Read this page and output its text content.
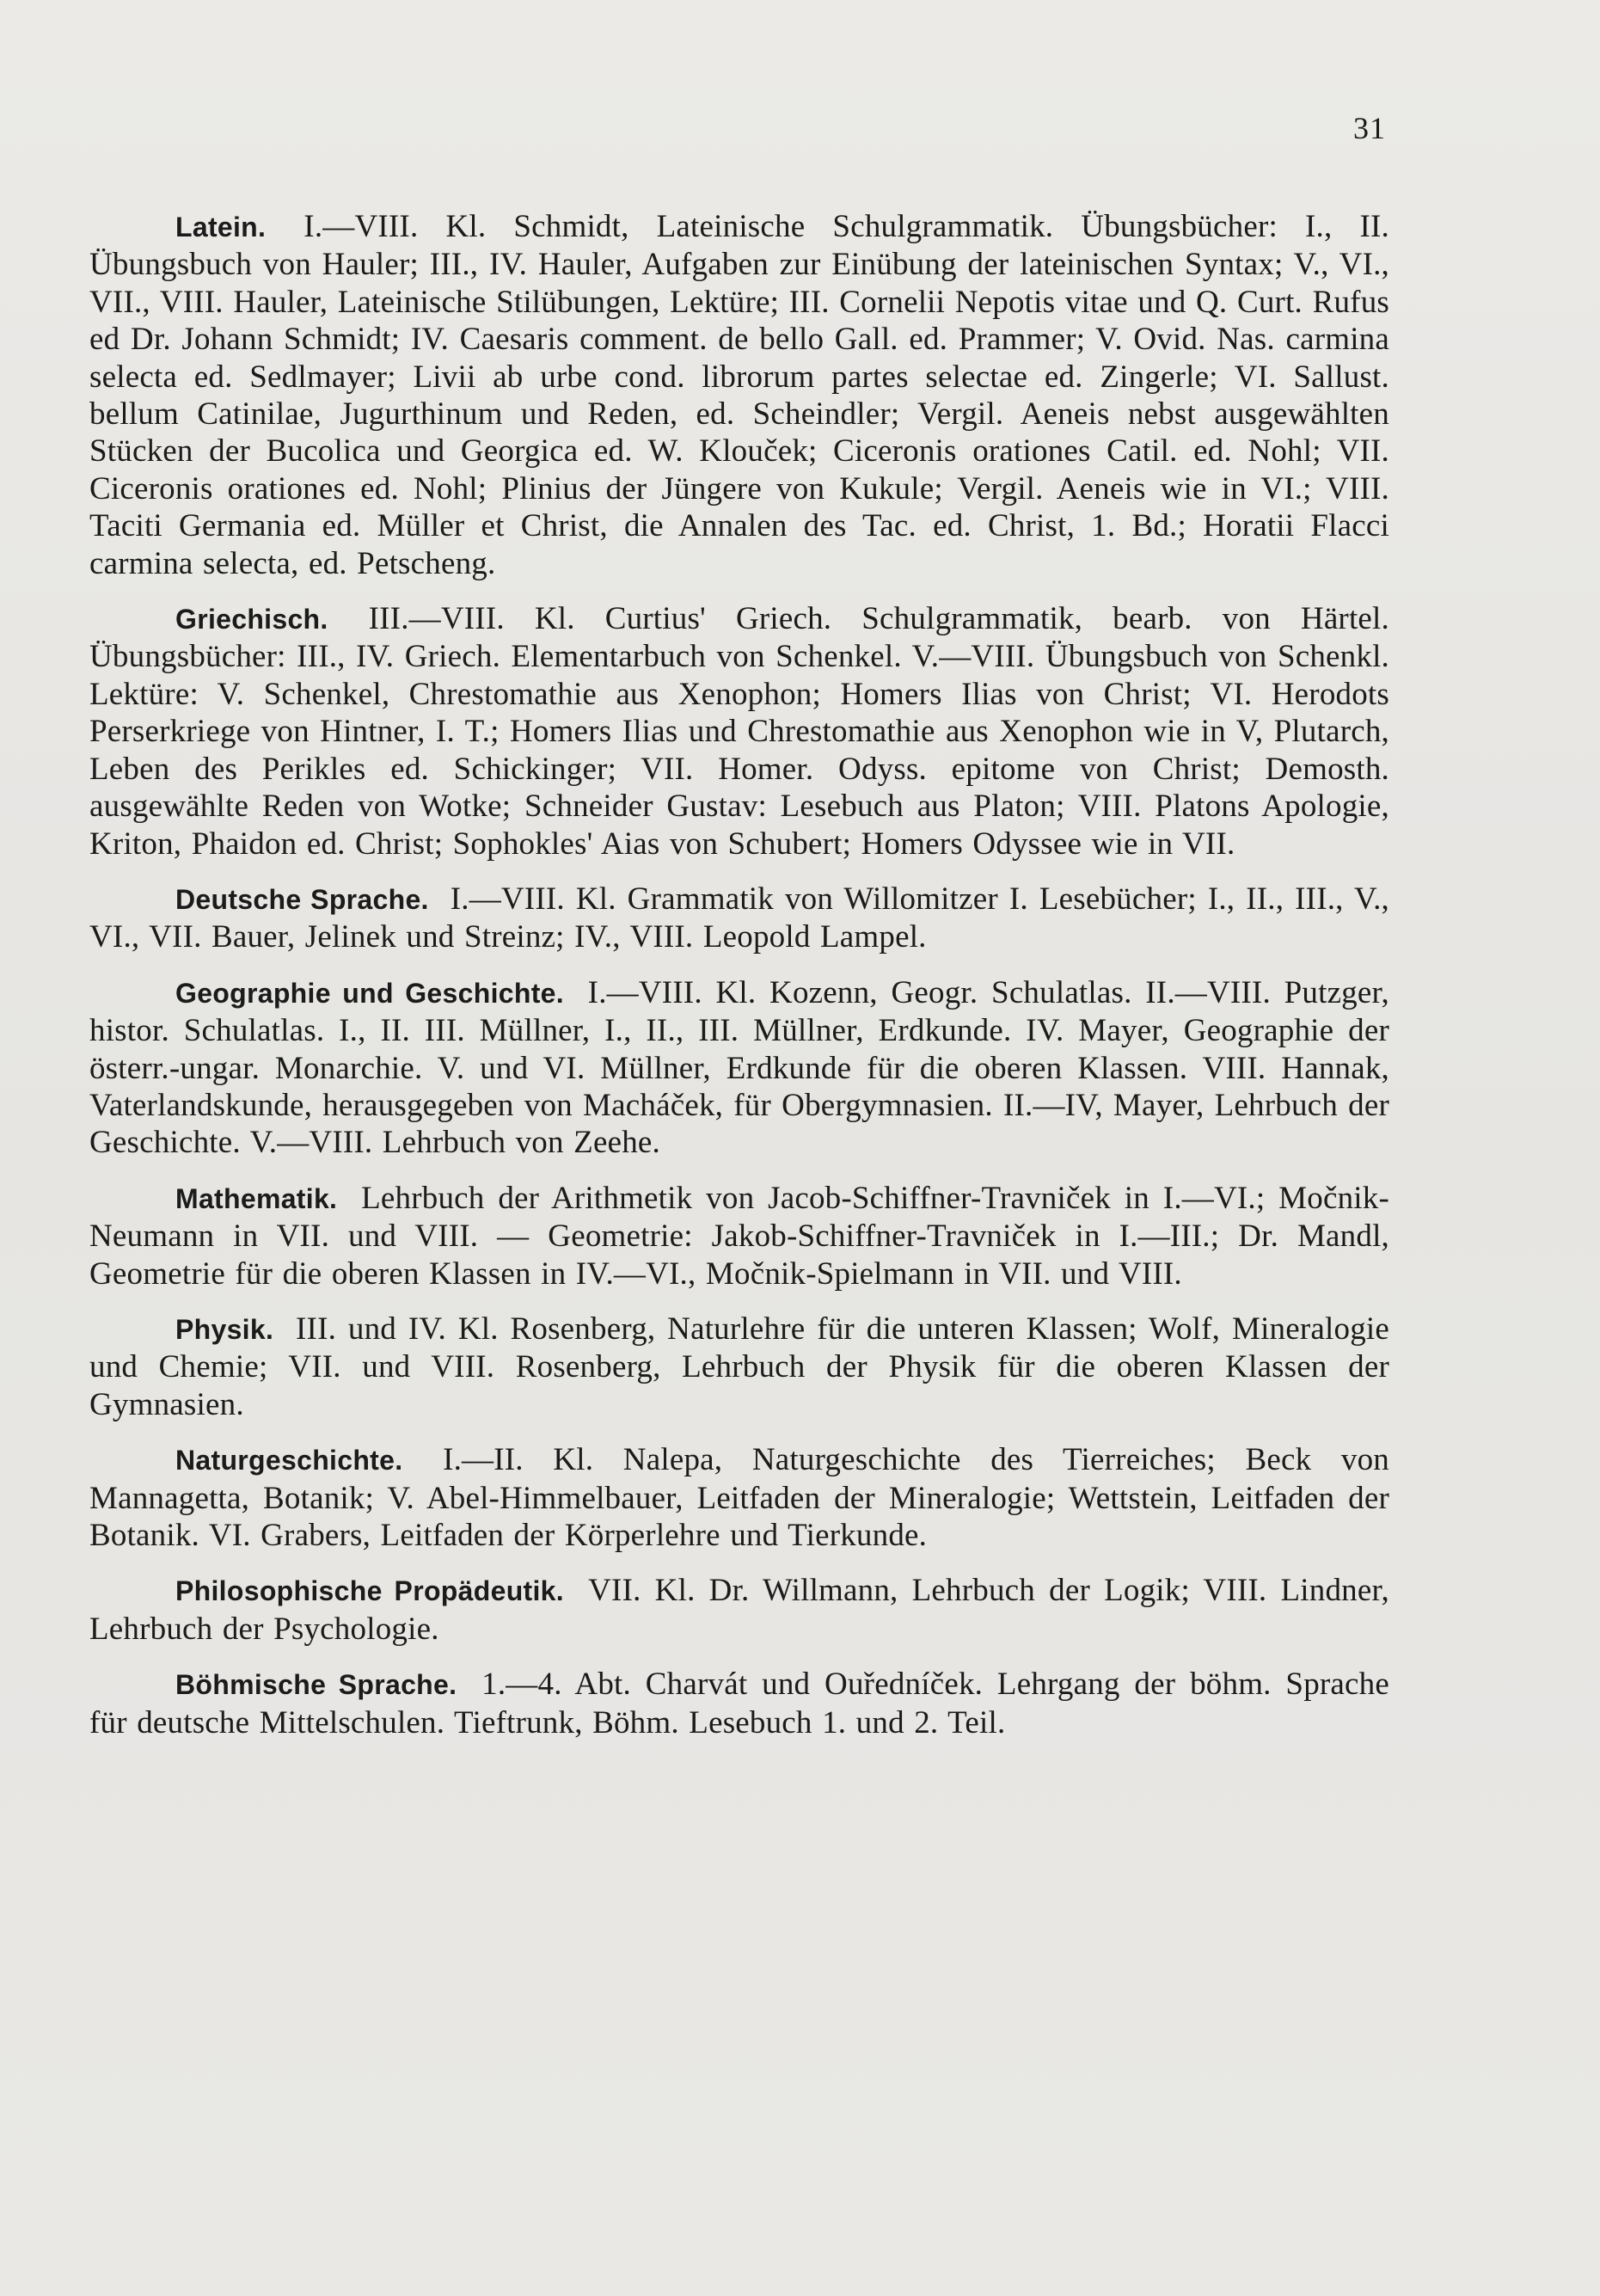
31

Latein. I.—VIII. Kl. Schmidt, Lateinische Schulgrammatik. Übungsbücher: I., II. Übungsbuch von Hauler; III., IV. Hauler, Aufgaben zur Einübung der lateinischen Syntax; V., VI., VII., VIII. Hauler, Lateinische Stilübungen, Lektüre; III. Cornelii Nepotis vitae und Q. Curt. Rufus ed Dr. Johann Schmidt; IV. Caesaris comment. de bello Gall. ed. Prammer; V. Ovid. Nas. carmina selecta ed. Sedlmayer; Livii ab urbe cond. librorum partes selectae ed. Zingerle; VI. Sallust. bellum Catinilae, Jugurthinum und Reden, ed. Scheindler; Vergil. Aeneis nebst ausgewählten Stücken der Bucolica und Georgica ed. W. Klouček; Ciceronis orationes Catil. ed. Nohl; VII. Ciceronis orationes ed. Nohl; Plinius der Jüngere von Kukule; Vergil. Aeneis wie in VI.; VIII. Taciti Germania ed. Müller et Christ, die Annalen des Tac. ed. Christ, 1. Bd.; Horatii Flacci carmina selecta, ed. Petscheng.

Griechisch. III.—VIII. Kl. Curtius' Griech. Schulgrammatik, bearb. von Härtel. Übungsbücher: III., IV. Griech. Elementarbuch von Schenkel. V.—VIII. Übungsbuch von Schenkl. Lektüre: V. Schenkel, Chrestomathie aus Xenophon; Homers Ilias von Christ; VI. Herodots Perserkriege von Hintner, I. T.; Homers Ilias und Chrestomathie aus Xenophon wie in V, Plutarch, Leben des Perikles ed. Schickinger; VII. Homer. Odyss. epitome von Christ; Demosth. ausgewählte Reden von Wotke; Schneider Gustav: Lesebuch aus Platon; VIII. Platons Apologie, Kriton, Phaidon ed. Christ; Sophokles' Aias von Schubert; Homers Odyssee wie in VII.

Deutsche Sprache. I.—VIII. Kl. Grammatik von Willomitzer I. Lesebücher; I., II., III., V., VI., VII. Bauer, Jelinek und Streinz; IV., VIII. Leopold Lampel.

Geographie und Geschichte. I.—VIII. Kl. Kozenn, Geogr. Schulatlas. II.—VIII. Putzger, histor. Schulatlas. I., II. III. Müllner, I., II., III. Müllner, Erdkunde. IV. Mayer, Geographie der österr.-ungar. Monarchie. V. und VI. Müllner, Erdkunde für die oberen Klassen. VIII. Hannak, Vaterlandskunde, herausgegeben von Macháček, für Obergymnasien. II.—IV, Mayer, Lehrbuch der Geschichte. V.—VIII. Lehrbuch von Zeehe.

Mathematik. Lehrbuch der Arithmetik von Jacob-Schiffner-Travniček in I.—VI.; Močnik-Neumann in VII. und VIII. — Geometrie: Jakob-Schiffner-Travniček in I.—III.; Dr. Mandl, Geometrie für die oberen Klassen in IV.—VI., Močnik-Spielmann in VII. und VIII.

Physik. III. und IV. Kl. Rosenberg, Naturlehre für die unteren Klassen; Wolf, Mineralogie und Chemie; VII. und VIII. Rosenberg, Lehrbuch der Physik für die oberen Klassen der Gymnasien.

Naturgeschichte. I.—II. Kl. Nalepa, Naturgeschichte des Tierreiches; Beck von Mannagetta, Botanik; V. Abel-Himmelbauer, Leitfaden der Mineralogie; Wettstein, Leitfaden der Botanik. VI. Grabers, Leitfaden der Körperlehre und Tierkunde.

Philosophische Propädeutik. VII. Kl. Dr. Willmann, Lehrbuch der Logik; VIII. Lindner, Lehrbuch der Psychologie.

Böhmische Sprache. 1.—4. Abt. Charvát und Ouředníček. Lehrgang der böhm. Sprache für deutsche Mittelschulen. Tieftrunk, Böhm. Lesebuch 1. und 2. Teil.
